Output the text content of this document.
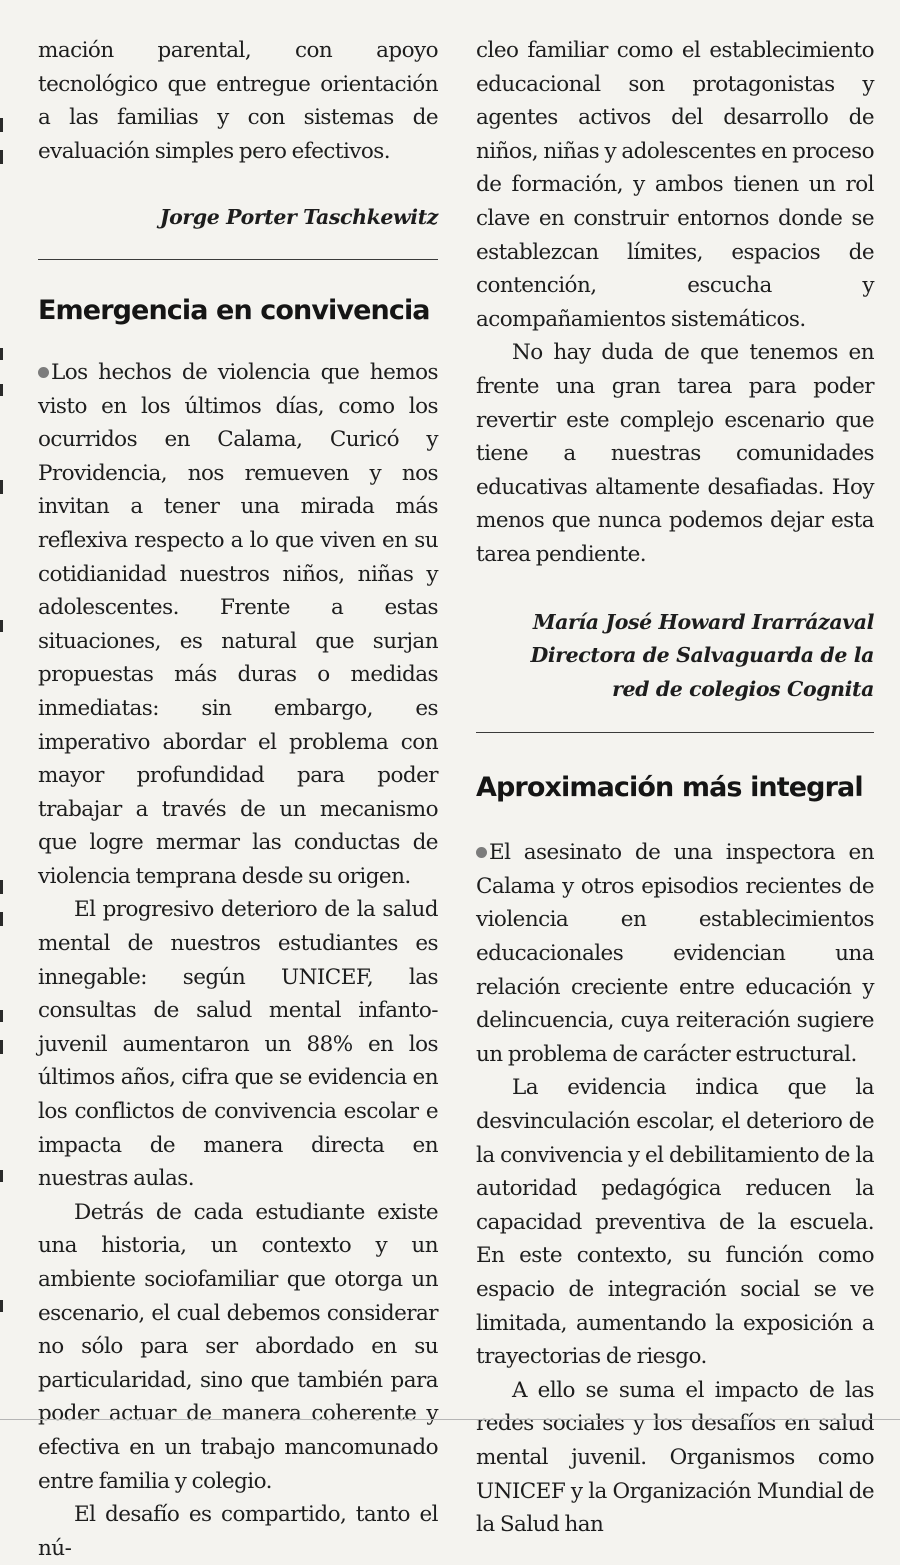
mación parental, con apoyo tecnológico que entregue orientación a las familias y con sistemas de evaluación simples pero efectivos.

Jorge Porter Taschkewitz

Emergencia en convivencia

Los hechos de violencia que hemos visto en los últimos días, como los ocurridos en Calama, Curicó y Providencia, nos remueven y nos invitan a tener una mirada más reflexiva respecto a lo que viven en su cotidianidad nuestros niños, niñas y adolescentes. Frente a estas situaciones, es natural que surjan propuestas más duras o medidas inmediatas: sin embargo, es imperativo abordar el problema con mayor profundidad para poder trabajar a través de un mecanismo que logre mermar las conductas de violencia temprana desde su origen.

El progresivo deterioro de la salud mental de nuestros estudiantes es innegable: según UNICEF, las consultas de salud mental infanto-juvenil aumentaron un 88% en los últimos años, cifra que se evidencia en los conflictos de convivencia escolar e impacta de manera directa en nuestras aulas.

Detrás de cada estudiante existe una historia, un contexto y un ambiente sociofamiliar que otorga un escenario, el cual debemos considerar no sólo para ser abordado en su particularidad, sino que también para poder actuar de manera coherente y efectiva en un trabajo mancomunado entre familia y colegio.

El desafío es compartido, tanto el nú-

cleo familiar como el establecimiento educacional son protagonistas y agentes activos del desarrollo de niños, niñas y adolescentes en proceso de formación, y ambos tienen un rol clave en construir entornos donde se establezcan límites, espacios de contención, escucha y acompañamientos sistemáticos.

No hay duda de que tenemos en frente una gran tarea para poder revertir este complejo escenario que tiene a nuestras comunidades educativas altamente desafiadas. Hoy menos que nunca podemos dejar esta tarea pendiente.

María José Howard Irarrázaval
Directora de Salvaguarda de la
red de colegios Cognita
Aproximación más integral

El asesinato de una inspectora en Calama y otros episodios recientes de violencia en establecimientos educacionales evidencian una relación creciente entre educación y delincuencia, cuya reiteración sugiere un problema de carácter estructural.

La evidencia indica que la desvinculación escolar, el deterioro de la convivencia y el debilitamiento de la autoridad pedagógica reducen la capacidad preventiva de la escuela. En este contexto, su función como espacio de integración social se ve limitada, aumentando la exposición a trayectorias de riesgo.

A ello se suma el impacto de las redes sociales y los desafíos en salud mental juvenil. Organismos como UNICEF y la Organización Mundial de la Salud han
